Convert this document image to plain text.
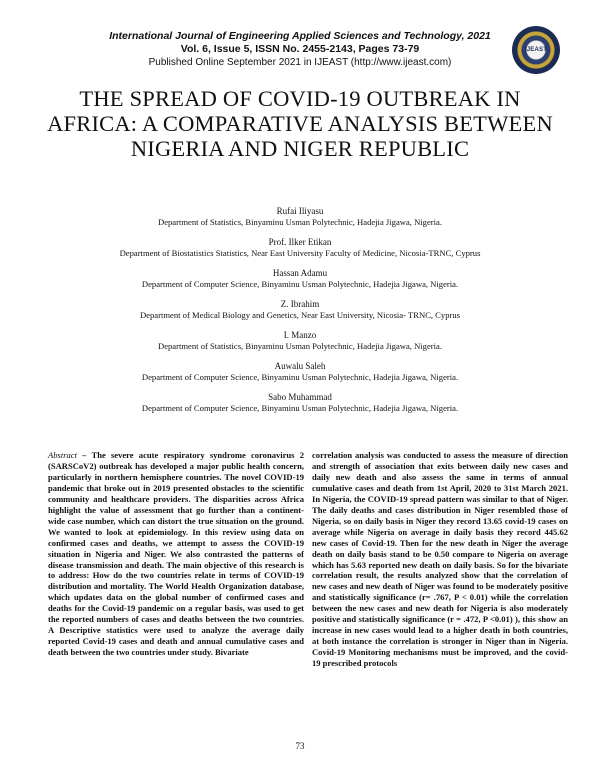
International Journal of Engineering Applied Sciences and Technology, 2021
Vol. 6, Issue 5, ISSN No. 2455-2143, Pages 73-79
Published Online September 2021 in IJEAST (http://www.ijeast.com)
IJEAST
THE SPREAD OF COVID-19 OUTBREAK IN AFRICA: A COMPARATIVE ANALYSIS BETWEEN NIGERIA AND NIGER REPUBLIC
Rufai Iliyasu
Department of Statistics, Binyaminu Usman Polytechnic, Hadejia Jigawa, Nigeria.
Prof. Ilker Etikan
Department of Biostatistics Statistics, Near East University Faculty of Medicine, Nicosia-TRNC, Cyprus
Hassan Adamu
Department of Computer Science, Binyaminu Usman Polytechnic, Hadejia Jigawa, Nigeria.
Z. Ibrahim
Department of Medical Biology and Genetics, Near East University, Nicosia- TRNC, Cyprus
I. Manzo
Department of Statistics, Binyaminu Usman Polytechnic, Hadejia Jigawa, Nigeria.
Auwalu Saleh
Department of Computer Science, Binyaminu Usman Polytechnic, Hadejia Jigawa, Nigeria.
Sabo Muhammad
Department of Computer Science, Binyaminu Usman Polytechnic, Hadejia Jigawa, Nigeria.
Abstract – The severe acute respiratory syndrome coronavirus 2 (SARSCoV2) outbreak has developed a major public health concern, particularly in northern hemisphere countries. The novel COVID-19 pandemic that broke out in 2019 presented obstacles to the scientific community and healthcare providers. The disparities across Africa highlight the value of assessment that go further than a continent- wide case number, which can distort the true situation on the ground. We wanted to look at epidemiology. In this review using data on confirmed cases and deaths, we attempt to assess the COVID-19 situation in Nigeria and Niger. We also contrasted the patterns of disease transmission and death. The main objective of this research is to address: How do the two countries relate in terms of COVID-19 distribution and mortality. The World Health Organization database, which updates data on the global number of confirmed cases and deaths for the Covid-19 pandemic on a regular basis, was used to get the reported numbers of cases and deaths between the two countries. A Descriptive statistics were used to analyze the average daily reported Covid-19 cases and death and annual cumulative cases and death between the two countries under study. Bivariate
correlation analysis was conducted to assess the measure of direction and strength of association that exits between daily new cases and daily new death and also assess the same in terms of annual cumulative cases and death from 1st April, 2020 to 31st March 2021. In Nigeria, the COVID-19 spread pattern was similar to that of Niger. The daily deaths and cases distribution in Niger resembled those of Nigeria, so on daily basis in Niger they record 13.65 covid-19 cases on average while Nigeria on average in daily basis they record 445.62 new cases of Covid-19. Then for the new death in Niger the average death on daily basis stand to be 0.50 compare to Nigeria on average which has 5.63 reported new death on daily basis. So for the bivariate correlation result, the results analyzed show that the correlation of new cases and new death of Niger was found to be moderately positive and statistically significance (r= .767, P < 0.01) while the correlation between the new cases and new death for Nigeria is also moderately positive and statistically significance (r = .472, P <0.01) ), this show an increase in new cases would lead to a higher death in both countries, at both instance the correlation is stronger in Niger than in Nigeria. Covid-19 Monitoring mechanisms must be improved, and the covid-19 prescribed protocols
73
